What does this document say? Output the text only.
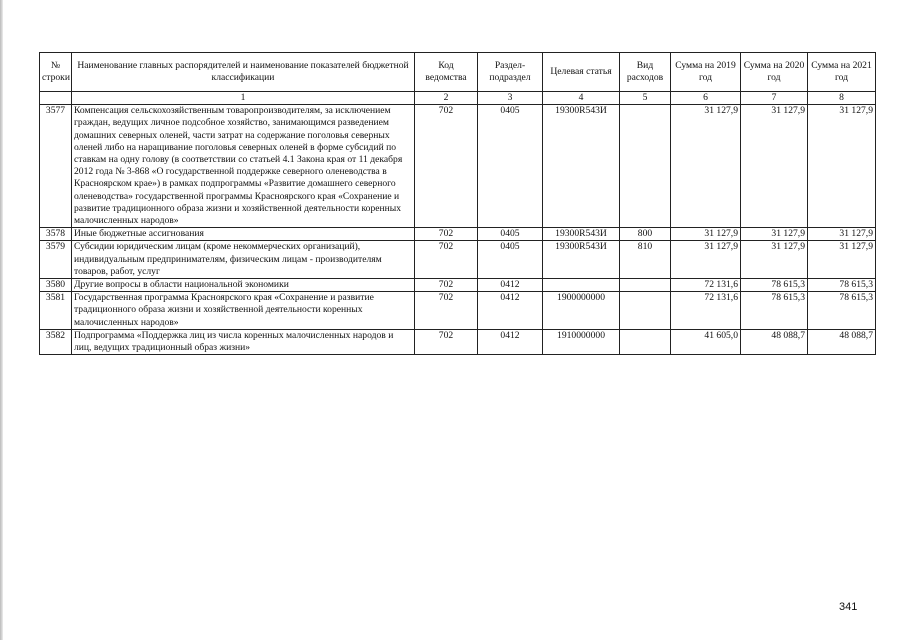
№ строки	Наименование главных распорядителей и наименование показателей бюджетной классификации	Код ведомства	Раздел-подраздел	Целевая статья	Вид расходов	Сумма на 2019 год	Сумма на 2020 год	Сумма на 2021 год
	1	2	3	4	5	6	7	8
3577	Компенсация сельскохозяйственным товаропроизводителям, за исключением граждан, ведущих личное подсобное хозяйство, занимающимся разведением домашних северных оленей, части затрат на содержание поголовья северных оленей либо на наращивание поголовья северных оленей в форме субсидий по ставкам на одну голову (в соответствии со статьей 4.1 Закона края от 11 декабря 2012 года № 3-868 «О государственной поддержке северного оленеводства в Красноярском крае») в рамках подпрограммы «Развитие домашнего северного оленеводства» государственной программы Красноярского края «Сохранение и развитие традиционного образа жизни и хозяйственной деятельности коренных малочисленных народов»	702	0405	19300R543И		31 127,9	31 127,9	31 127,9
3578	Иные бюджетные ассигнования	702	0405	19300R543И	800	31 127,9	31 127,9	31 127,9
3579	Субсидии юридическим лицам (кроме некоммерческих организаций), индивидуальным предпринимателям, физическим лицам - производителям товаров, работ, услуг	702	0405	19300R543И	810	31 127,9	31 127,9	31 127,9
3580	Другие вопросы в области национальной экономики	702	0412			72 131,6	78 615,3	78 615,3
3581	Государственная программа Красноярского края «Сохранение и развитие традиционного образа жизни и хозяйственной деятельности коренных малочисленных народов»	702	0412	1900000000		72 131,6	78 615,3	78 615,3
3582	Подпрограмма «Поддержка лиц из числа коренных малочисленных народов и лиц, ведущих традиционный образ жизни»	702	0412	1910000000		41 605,0	48 088,7	48 088,7
341
